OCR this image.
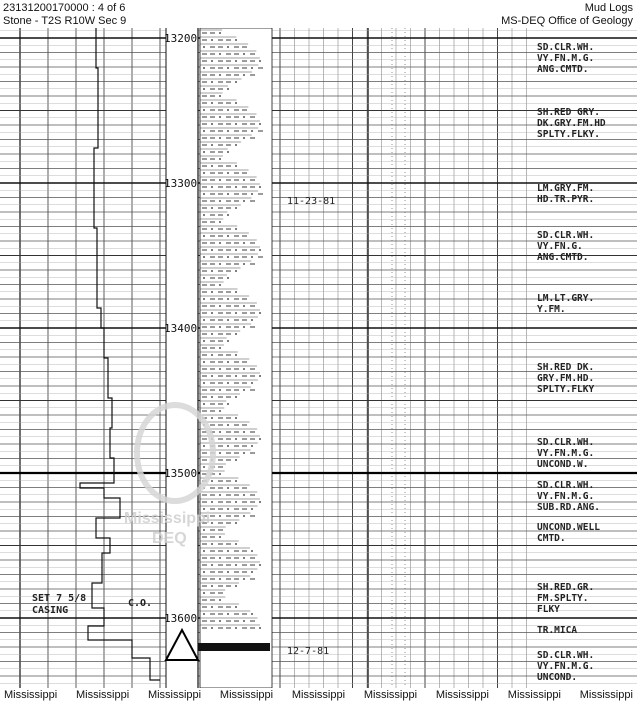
23131200170000 : 4 of 6
Stone - T2S R10W Sec 9
Mud Logs
MS-DEQ Office of Geology
13200
13300
13400
13500
13600
Mississippi
DEQ
11-23-81
12-7-81
SET 7 5/8
CASING
C.O.
SD.CLR.WH.
VY.FN.M.G.
ANG.CMTD.
SH.RED GRY.
DK.GRY.FM.HD
SPLTY.FLKY.
LM.GRY.FM.
HD.TR.PYR.
SD.CLR.WH.
VY.FN.G.
ANG.CMTD.
LM.LT.GRY.
Y.FM.
SH.RED DK.
GRY.FM.HD.
SPLTY.FLKY
SD.CLR.WH.
VY.FN.M.G.
UNCOND.W.
SD.CLR.WH.
VY.FN.M.G.
SUB.RD.ANG.
UNCOND.WELL
CMTD.
SH.RED.GR.
FM.SPLTY.
FLKY
TR.MICA
SD.CLR.WH.
VY.FN.M.G.
UNCOND.
Mississippi Mississippi Mississippi Mississippi Mississippi Mississippi Mississippi Mississippi Mississippi
